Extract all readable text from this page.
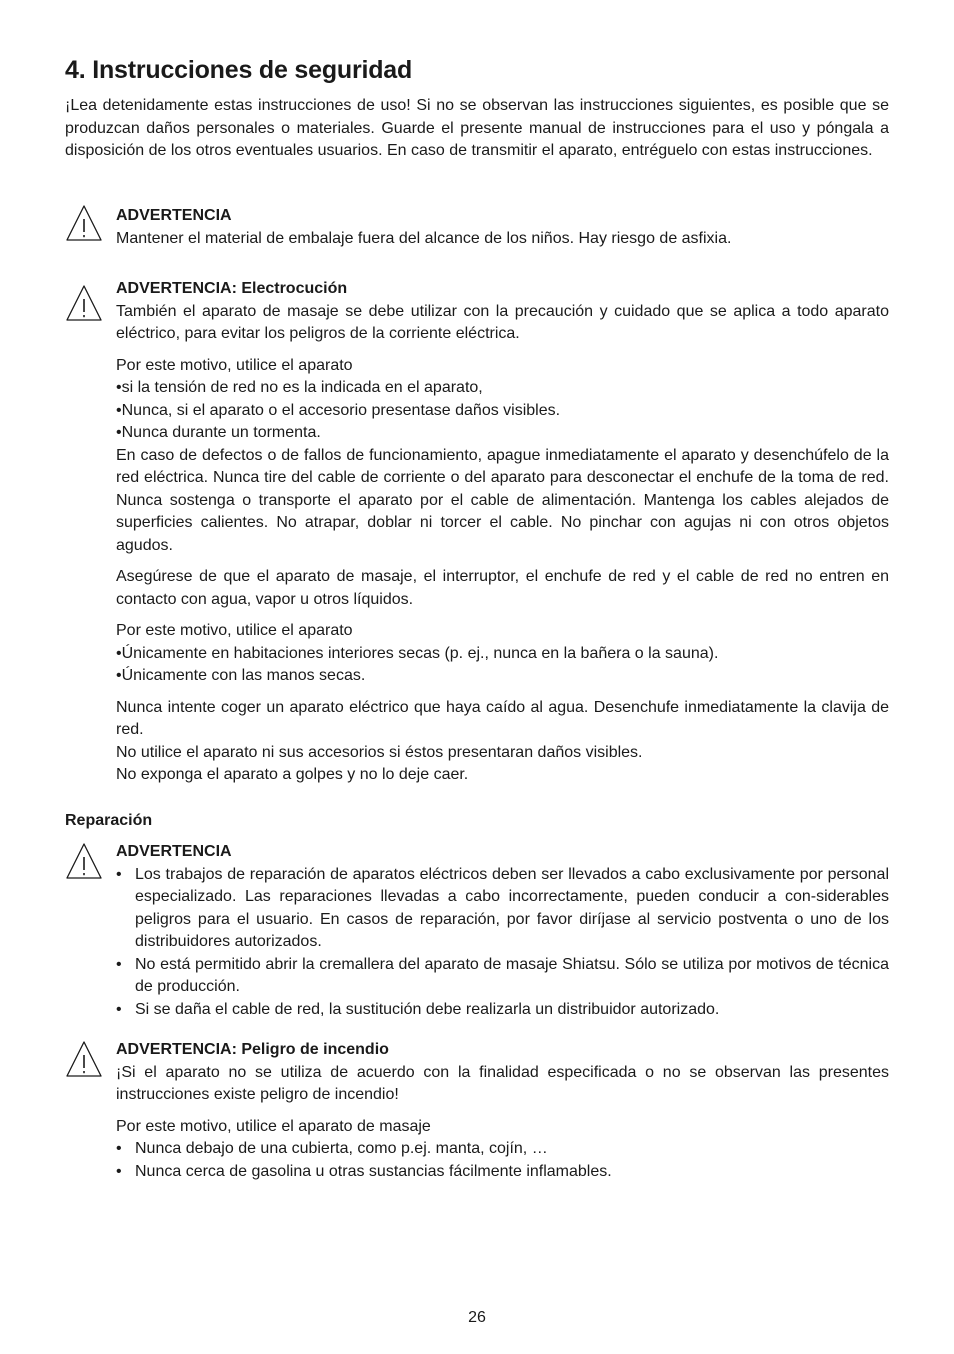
4. Instrucciones de seguridad

¡Lea detenidamente estas instrucciones de uso! Si no se observan las instrucciones siguientes, es posible que se produzcan daños personales o materiales. Guarde el presente manual de instrucciones para el uso y póngala a disposición de los otros eventuales usuarios. En caso de transmitir el aparato, entréguelo con estas instrucciones.

ADVERTENCIA

Mantener el material de embalaje fuera del alcance de los niños. Hay riesgo de asfixia.

ADVERTENCIA: Electrocución

También el aparato de masaje se debe utilizar con la precaución y cuidado que se aplica a todo aparato eléctrico, para evitar los peligros de la corriente eléctrica.

Por este motivo, utilice el aparato

• si la tensión de red no es la indicada en el aparato,
• Nunca, si el aparato o el accesorio presentase daños visibles.
• Nunca durante un tormenta.

En caso de defectos o de fallos de funcionamiento, apague inmediatamente el aparato y desenchúfelo de la red eléctrica. Nunca tire del cable de corriente o del aparato para desconectar el enchufe de la toma de red. Nunca sostenga o transporte el aparato por el cable de alimentación. Mantenga los cables alejados de superficies calientes. No atrapar, doblar ni torcer el cable. No pinchar con agujas ni con otros objetos agudos.

Asegúrese de que el aparato de masaje, el interruptor, el enchufe de red y el cable de red no entren en contacto con agua, vapor u otros líquidos.

Por este motivo, utilice el aparato

• Únicamente en habitaciones interiores secas (p. ej., nunca en la bañera o la sauna).
• Únicamente con las manos secas.

Nunca intente coger un aparato eléctrico que haya caído al agua. Desenchufe inmediatamente la clavija de red.

No utilice el aparato ni sus accesorios si éstos presentaran daños visibles.

No exponga el aparato a golpes y no lo deje caer.

Reparación

ADVERTENCIA

• Los trabajos de reparación de aparatos eléctricos deben ser llevados a cabo exclusivamente por personal especializado. Las reparaciones llevadas a cabo incorrectamente, pueden conducir a con-siderables peligros para el usuario. En casos de reparación, por favor diríjase al servicio postventa o uno de los distribuidores autorizados.
• No está permitido abrir la cremallera del aparato de masaje Shiatsu. Sólo se utiliza por motivos de técnica de producción.
• Si se daña el cable de red, la sustitución debe realizarla un distribuidor autorizado.

ADVERTENCIA: Peligro de incendio

¡Si el aparato no se utiliza de acuerdo con la finalidad especificada o no se observan las presentes instrucciones existe peligro de incendio!

Por este motivo, utilice el aparato de masaje

• Nunca debajo de una cubierta, como p.ej. manta, cojín, …
• Nunca cerca de gasolina u otras sustancias fácilmente inflamables.
26
